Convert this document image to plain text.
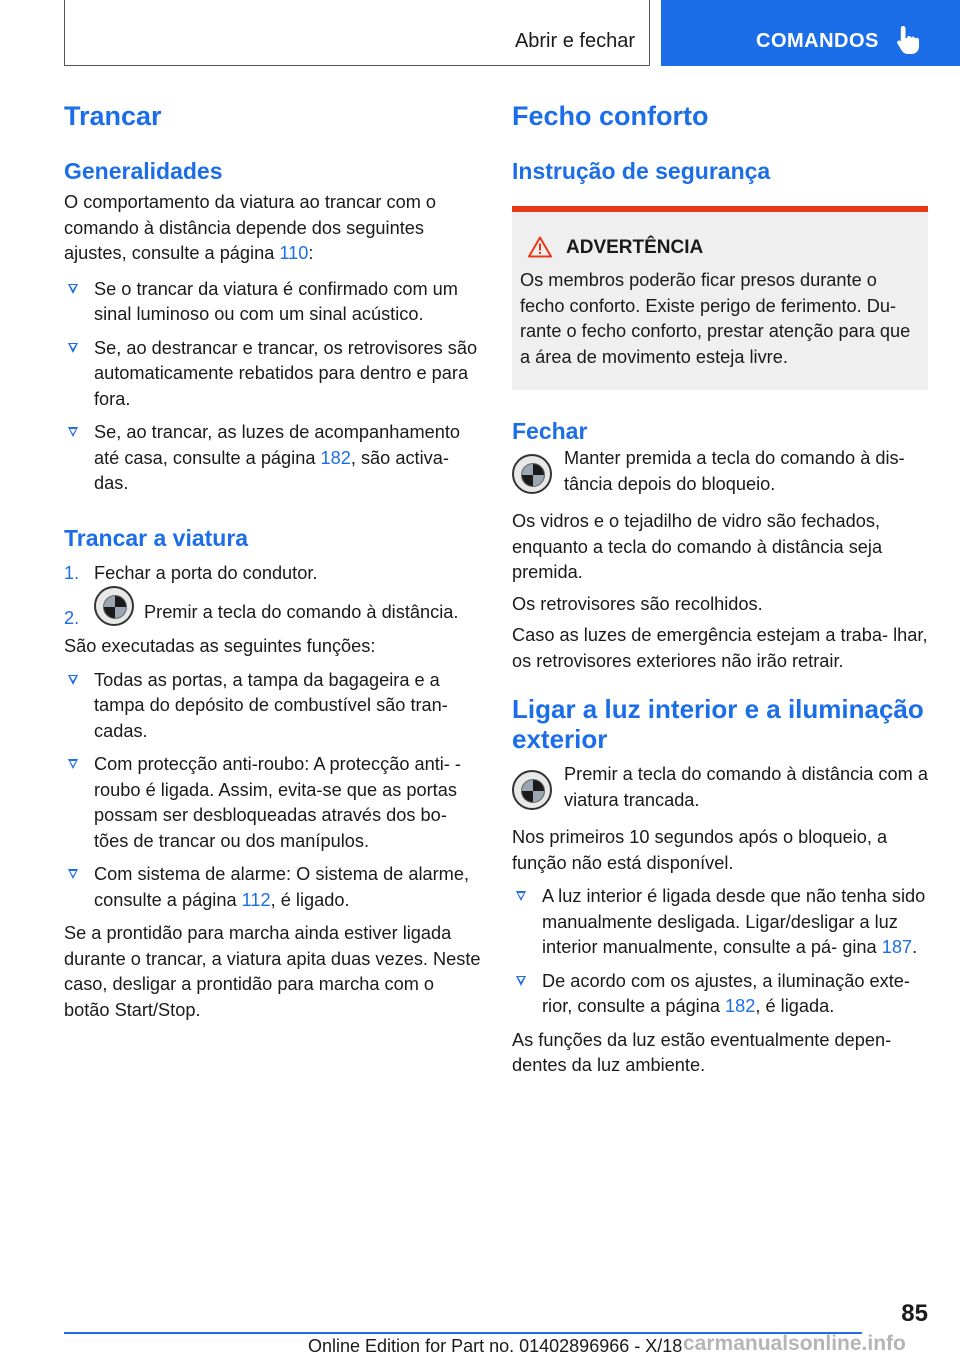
Abrir e fechar	COMANDOS
Trancar
Generalidades

O comportamento da viatura ao trancar com o comando à distância depende dos seguintes ajustes, consulte a página 110:

Se o trancar da viatura é confirmado com um sinal luminoso ou com um sinal acústico.
Se, ao destrancar e trancar, os retrovisores são automaticamente rebatidos para dentro e para fora.
Se, ao trancar, as luzes de acompanhamento até casa, consulte a página 182, são activa- das.
Trancar a viatura
1. Fechar a porta do condutor.
2.	Premir a tecla do comando à distância.

São executadas as seguintes funções:

Todas as portas, a tampa da bagageira e a tampa do depósito de combustível são tran- cadas.
Com protecção anti-roubo: A protecção anti- -roubo é ligada. Assim, evita-se que as portas possam ser desbloqueadas através dos bo- tões de trancar ou dos manípulos.
Com sistema de alarme: O sistema de alarme, consulte a página 112, é ligado.

Se a prontidão para marcha ainda estiver ligada durante o trancar, a viatura apita duas vezes. Neste caso, desligar a prontidão para marcha com o botão Start/Stop.

Fecho conforto
Instrução de segurança
ADVERTÊNCIA

Os membros poderão ficar presos durante o fecho conforto. Existe perigo de ferimento. Du- rante o fecho conforto, prestar atenção para que a área de movimento esteja livre.

Fechar

Manter premida a tecla do comando à dis- tância depois do bloqueio.

Os vidros e o tejadilho de vidro são fechados, enquanto a tecla do comando à distância seja premida.

Os retrovisores são recolhidos.

Caso as luzes de emergência estejam a traba- lhar, os retrovisores exteriores não irão retrair.

Ligar a luz interior e a iluminação exterior

Premir a tecla do comando à distância com a viatura trancada.

Nos primeiros 10 segundos após o bloqueio, a função não está disponível.

A luz interior é ligada desde que não tenha sido manualmente desligada. Ligar/desligar a luz interior manualmente, consulte a pá- gina 187.
De acordo com os ajustes, a iluminação exte- rior, consulte a página 182, é ligada.

As funções da luz estão eventualmente depen- dentes da luz ambiente.

85
Online Edition for Part no. 01402896966 - X/18 carmanualsonline.info
